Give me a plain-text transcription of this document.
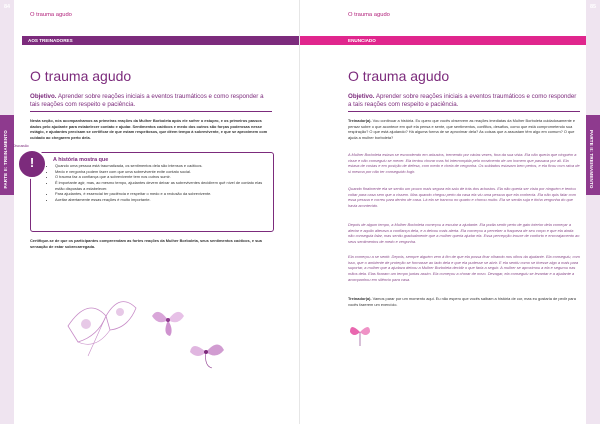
84
PARTE II: TREINAMENTO
O trauma agudo
AOS TREINADORES
O trauma agudo
Objetivo. Aprender sobre reações iniciais a eventos traumáticos e como responder a tais reações com respeito e paciência.
Nesta seção, nós acompanhamos as primeiras reações da Mulher Borboleta após ele sofrer o estupro, e os primeiros passos dados pelo ajudante para estabelecer contato e ajudar. Sentimentos caóticos e medo dos outros são forças poderosas nesse estágio, e ajudantes precisam se certificar de que estam respeitosos, que dêem tempo à sobrevivente, e que se aproximem com cuidado ao chegarem perto dela.
Discussão
!	A história mostra que
• Quando uma pessoa está traumatizada, os sentimentos dela são intensos e caóticos.
• Medo e vergonha podem fazer com que uma sobrevivente evite contato social.
• O trauma faz a confiança que a sobrevivente tem nos outros sumir.
• É importante agir, mas, ao mesmo tempo, ajudantes devem deixar as sobreviventes decidirem quê nível de contato elas estão dispostas a estabelecer.
• Para ajudantes, é essencial ter paciência e respeitar o medo e a reclusão da sobrevivente.
• Aceitar abertamente essas reações é muito importante.
Certifique-se de que os participantes compreendam as fortes reações da Mulher Borboleta, seus sentimentos caóticos, e sua sensação de estar sobrecarregada.
85
PARTE II: TREINAMENTO
O trauma agudo
ENUNCIADO
O trauma agudo
Objetivo. Aprender sobre reações iniciais a eventos traumáticos e como responder a tais reações com respeito e paciência.
Treinador(a). Vou continuar a história. Eu quero que vocês observem as reações imediatas da Mulher Borboleta cuidadosamente e pensar sobre o que acontece em quê ela pensa e sente, que sentimentos, conflitos, desafios, como que está comprometendo sua respiração? O que está ajudando? Há alguma forma de se aproximar dela? As coisas que a assustam têm algo em comum? O que ajuda a mulher borboleta?
A Mulher Borboleta estava se escondendo em arbustos, tremendo por várias vezes, fora da sua vista. Ela não queria que ninguém a visse e não conseguiu se mexer. Ela tentou chorar mas foi interrompida pelo movimento de um homem que passava por ali. Ela estava de costas e em posição de defesa, com medo e cheia de vergonha. Os soldados estavam bem pertos, e ela ficou com raiva de si mesma por não ter conseguido fugir.
Quando finalmente ela se sentiu um pouco mais segura ela saiu de trás dos arbustos. Ela não queria ser vista por ninguém e tentou voltar para casa sem que a vissem. Mas quando chegou perto da casa ela viu uma pessoa que ela conhecia. Ela não quis falar com essa pessoa e correu para dentro de casa. Lá ela se trancou no quarto e chorou muito. Ela se sentia suja e tinha vergonha do que havia acontecido.
Depois de algum tempo, a Mulher Borboleta começou a escutar a ajudante. Ela podia sentir perto de gato interior dela começar a alertar e aquilo alterava a confiança dela, e a deixou mais alerta. Ela começou a perceber a fraqueza de seu corpo e que ela ainda não conseguia falar, mas sentiu gradualmente que a mulher queria ajudar ela. Essa percepção trouxe de conforto e encorajamento ao seus sentimentos de medo e vergonha.
Ela começou a se sentir. Depois, sempre alguém vem à fim de que ela possa ficar olhando nos olhos da ajudante. Ela conseguiu, com isso, que o ambiente de proteção se formasse ao lado dela e que ela pudesse se abrir. E ela sentiu como se tivesse algo a mais para suportar, a mulher que a ajudava deixou a Mulher Borboleta decidir o que faria a seguir. A mulher se aproximou a ela e segurou nas mãos dela. Elas ficaram um tempo juntas assim. Ela começou a chorar de novo. Devagar, ela conseguiu se levantar e a ajudante a acompanhou em silêncio para casa.
Treinador(a). Vamos parar por um momento aqui. Eu não espero que vocês saibam a história de cor, mas eu gostaria de pedir para vocês fazerem um exercício.
